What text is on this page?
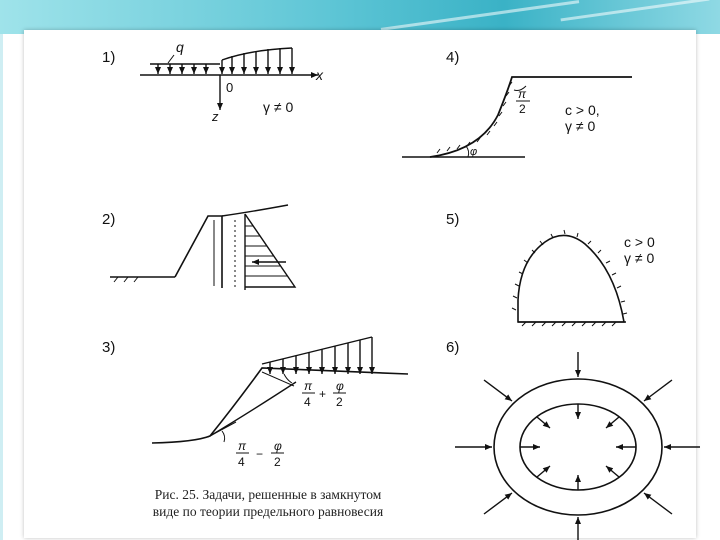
1)
q
x
0
z
γ ≠ 0
4)
π
2	c > 0,
γ ≠ 0
φ
2)	5)
c > 0
γ ≠ 0
3)	6)
π
4
+
φ
2
π
4
−
φ
2
Рис. 25. Задачи, решенные в замкнутом
виде по теории предельного равновесия
